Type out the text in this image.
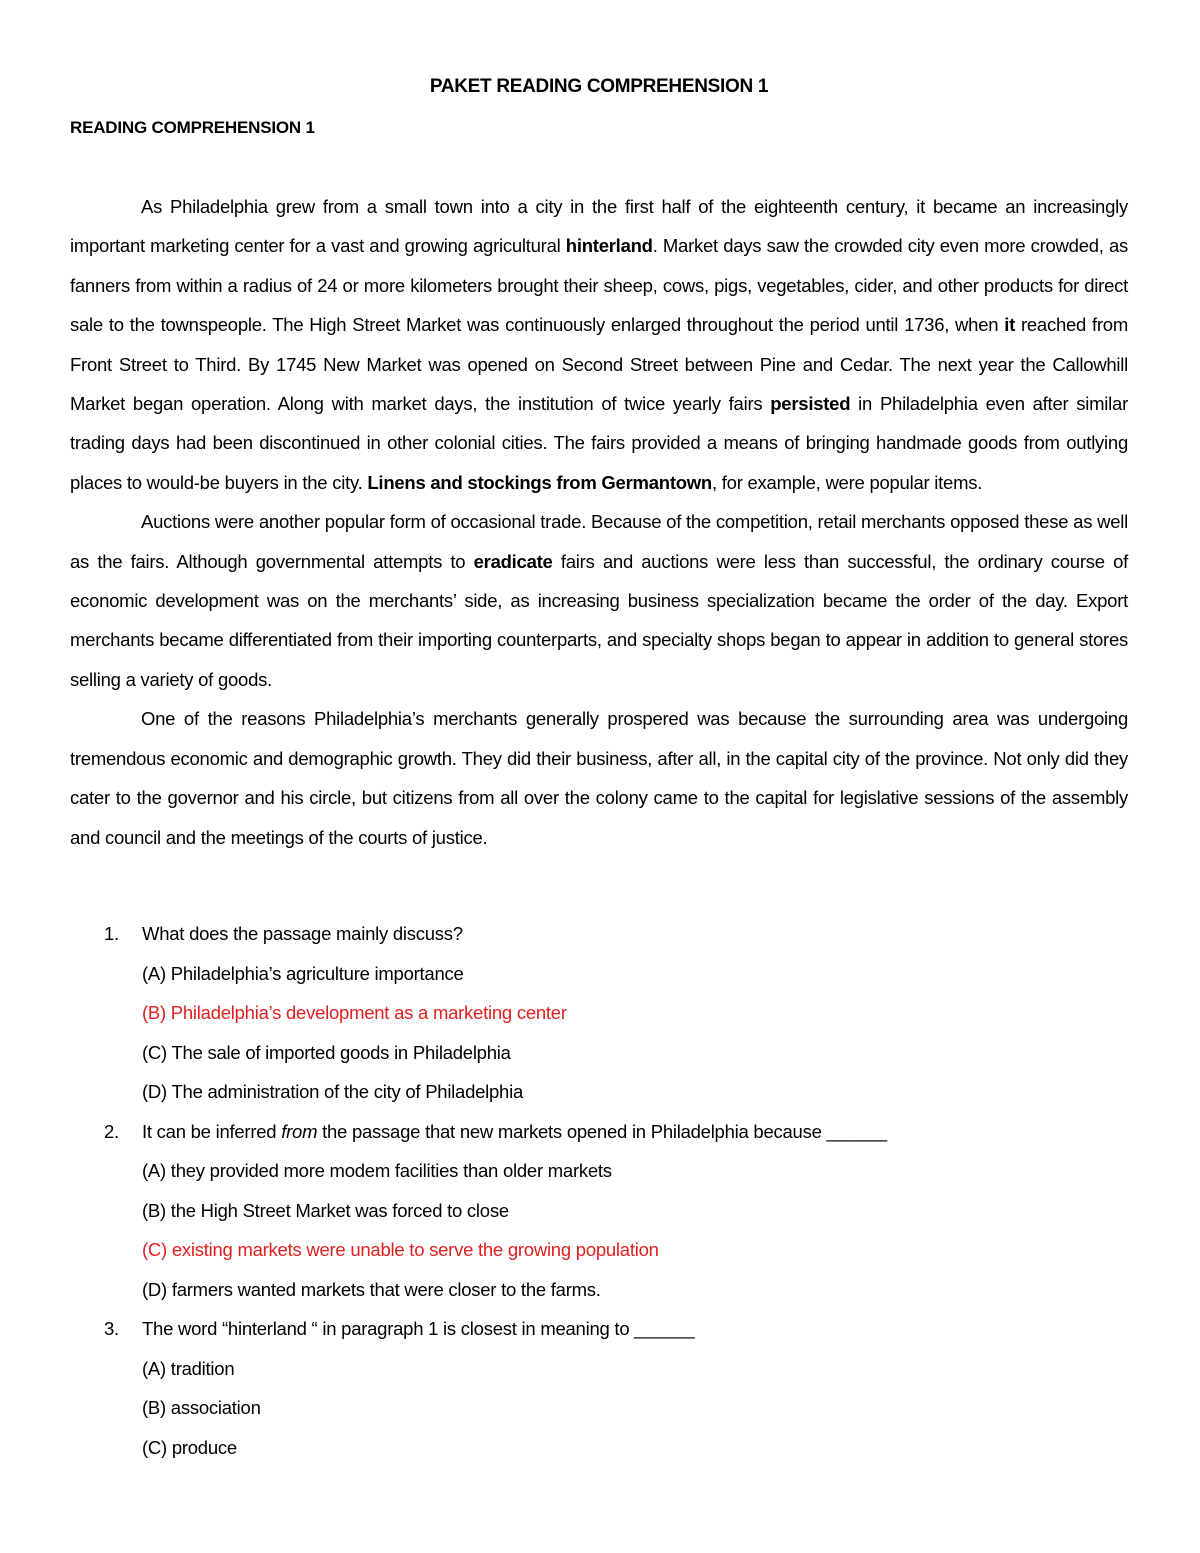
PAKET READING COMPREHENSION 1
READING COMPREHENSION 1

As Philadelphia grew from a small town into a city in the first half of the eighteenth century, it became an increasingly important marketing center for a vast and growing agricultural hinterland. Market days saw the crowded city even more crowded, as fanners from within a radius of 24 or more kilometers brought their sheep, cows, pigs, vegetables, cider, and other products for direct sale to the townspeople. The High Street Market was continuously enlarged throughout the period until 1736, when it reached from Front Street to Third. By 1745 New Market was opened on Second Street between Pine and Cedar. The next year the Callowhill Market began operation. Along with market days, the institution of twice yearly fairs persisted in Philadelphia even after similar trading days had been discontinued in other colonial cities. The fairs provided a means of bringing handmade goods from outlying places to would-be buyers in the city. Linens and stockings from Germantown, for example, were popular items.

Auctions were another popular form of occasional trade. Because of the competition, retail merchants opposed these as well as the fairs. Although governmental attempts to eradicate fairs and auctions were less than successful, the ordinary course of economic development was on the merchants’ side, as increasing business specialization became the order of the day. Export merchants became differentiated from their importing counterparts, and specialty shops began to appear in addition to general stores selling a variety of goods.

One of the reasons Philadelphia’s merchants generally prospered was because the surrounding area was undergoing tremendous economic and demographic growth. They did their business, after all, in the capital city of the province. Not only did they cater to the governor and his circle, but citizens from all over the colony came to the capital for legislative sessions of the assembly and council and the meetings of the courts of justice.

1.	What does the passage mainly discuss?
(A) Philadelphia’s agriculture importance
(B) Philadelphia’s development as a marketing center
(C) The sale of imported goods in Philadelphia
(D) The administration of the city of Philadelphia
2.	It can be inferred from the passage that new markets opened in Philadelphia because ______
(A) they provided more modem facilities than older markets
(B) the High Street Market was forced to close
(C) existing markets were unable to serve the growing population
(D) farmers wanted markets that were closer to the farms.
3.	The word “hinterland “ in paragraph 1 is closest in meaning to ______
(A) tradition
(B) association
(C) produce
